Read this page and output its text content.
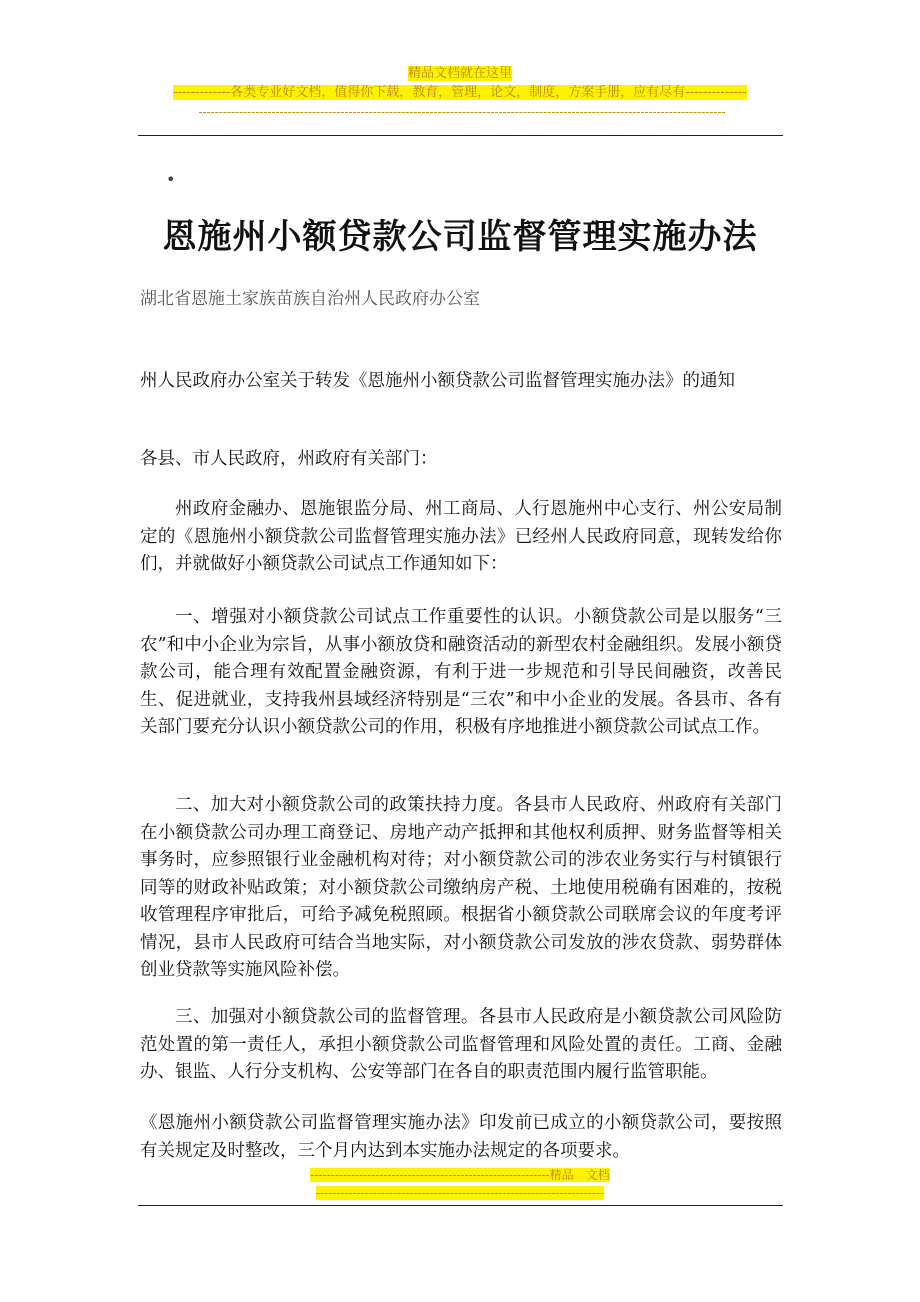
精品文档就在这里
-------------各类专业好文档，值得你下载，教育，管理，论文，制度，方案手册，应有尽有--------------
----------------------------------------------------------------------------------------------------------------------------------
•
恩施州小额贷款公司监督管理实施办法
湖北省恩施土家族苗族自治州人民政府办公室
州人民政府办公室关于转发《恩施州小额贷款公司监督管理实施办法》的通知
各县、市人民政府，州政府有关部门：
州政府金融办、恩施银监分局、州工商局、人行恩施州中心支行、州公安局制定的《恩施州小额贷款公司监督管理实施办法》已经州人民政府同意，现转发给你们，并就做好小额贷款公司试点工作通知如下：
一、增强对小额贷款公司试点工作重要性的认识。小额贷款公司是以服务“三农”和中小企业为宗旨，从事小额放贷和融资活动的新型农村金融组织。发展小额贷款公司，能合理有效配置金融资源，有利于进一步规范和引导民间融资，改善民生、促进就业，支持我州县域经济特别是“三农”和中小企业的发展。各县市、各有关部门要充分认识小额贷款公司的作用，积极有序地推进小额贷款公司试点工作。
二、加大对小额贷款公司的政策扶持力度。各县市人民政府、州政府有关部门在小额贷款公司办理工商登记、房地产动产抵押和其他权利质押、财务监督等相关事务时，应参照银行业金融机构对待；对小额贷款公司的涉农业务实行与村镇银行同等的财政补贴政策；对小额贷款公司缴纳房产税、土地使用税确有困难的，按税收管理程序审批后，可给予减免税照顾。根据省小额贷款公司联席会议的年度考评情况，县市人民政府可结合当地实际，对小额贷款公司发放的涉农贷款、弱势群体创业贷款等实施风险补偿。
三、加强对小额贷款公司的监督管理。各县市人民政府是小额贷款公司风险防范处置的第一责任人，承担小额贷款公司监督管理和风险处置的责任。工商、金融办、银监、人行分支机构、公安等部门在各自的职责范围内履行监管职能。
《恩施州小额贷款公司监督管理实施办法》印发前已成立的小额贷款公司，要按照有关规定及时整改，三个月内达到本实施办法规定的各项要求。
-----------------------------------------------------------精品　文档
-----------------------------------------------------------------------
